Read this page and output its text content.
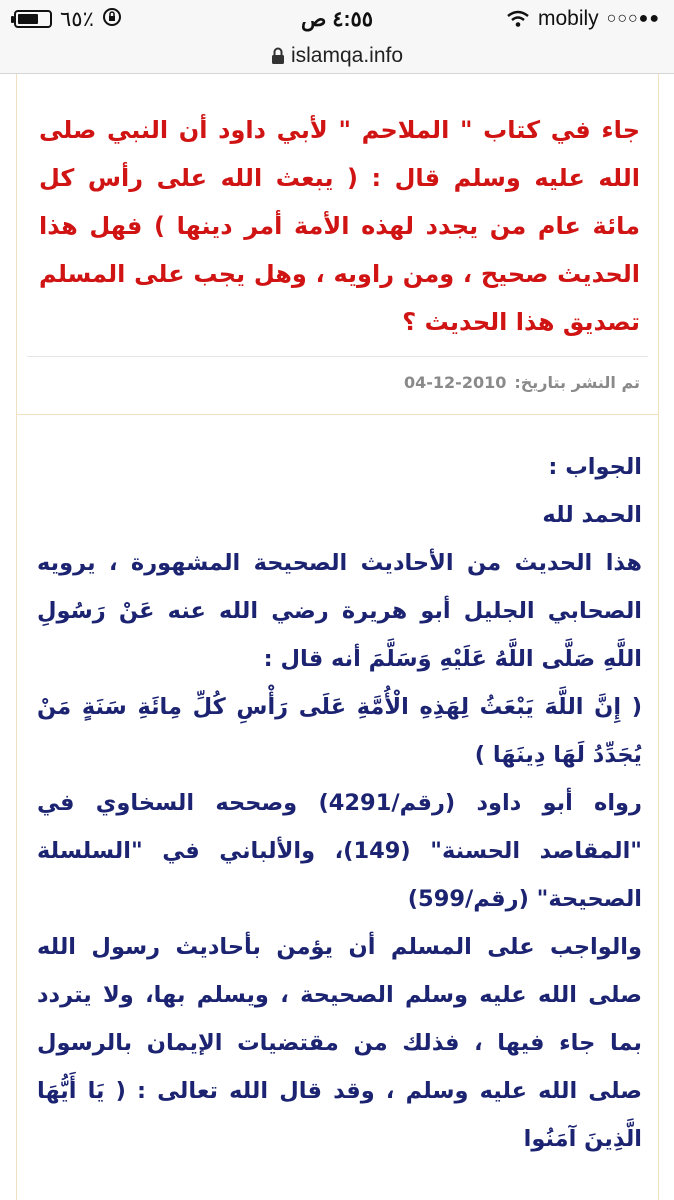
٦٥٪	٤:٥٥ ص	mobily ○○○●●
islamqa.info
جاء في كتاب " الملاحم " لأبي داود أن النبي صلى الله عليه وسلم قال : ( يبعث الله على رأس كل مائة عام من يجدد لهذه الأمة أمر دينها ) فهل هذا الحديث صحيح ، ومن راويه ، وهل يجب على المسلم تصديق هذا الحديث ؟
تم النشر بتاريخ:
04-12-2010

الجواب :

الحمد لله

هذا الحديث من الأحاديث الصحيحة المشهورة ، يرويه الصحابي الجليل أبو هريرة رضي الله عنه عَنْ رَسُولِ اللَّهِ صَلَّى اللَّهُ عَلَيْهِ وَسَلَّمَ أنه قال :

( إِنَّ اللَّهَ يَبْعَثُ لِهَذِهِ الْأُمَّةِ عَلَى رَأْسِ كُلِّ مِائَةِ سَنَةٍ مَنْ يُجَدِّدُ لَهَا دِينَهَا )

رواه أبو داود (رقم/4291) وصححه السخاوي في "المقاصد الحسنة" (149)، والألباني في "السلسلة الصحيحة" (رقم/599)

والواجب على المسلم أن يؤمن بأحاديث رسول الله صلى الله عليه وسلم الصحيحة ، ويسلم بها، ولا يتردد بما جاء فيها ، فذلك من مقتضيات الإيمان بالرسول صلى الله عليه وسلم ، وقد قال الله تعالى : ( يَا أَيُّهَا الَّذِينَ آمَنُوا
